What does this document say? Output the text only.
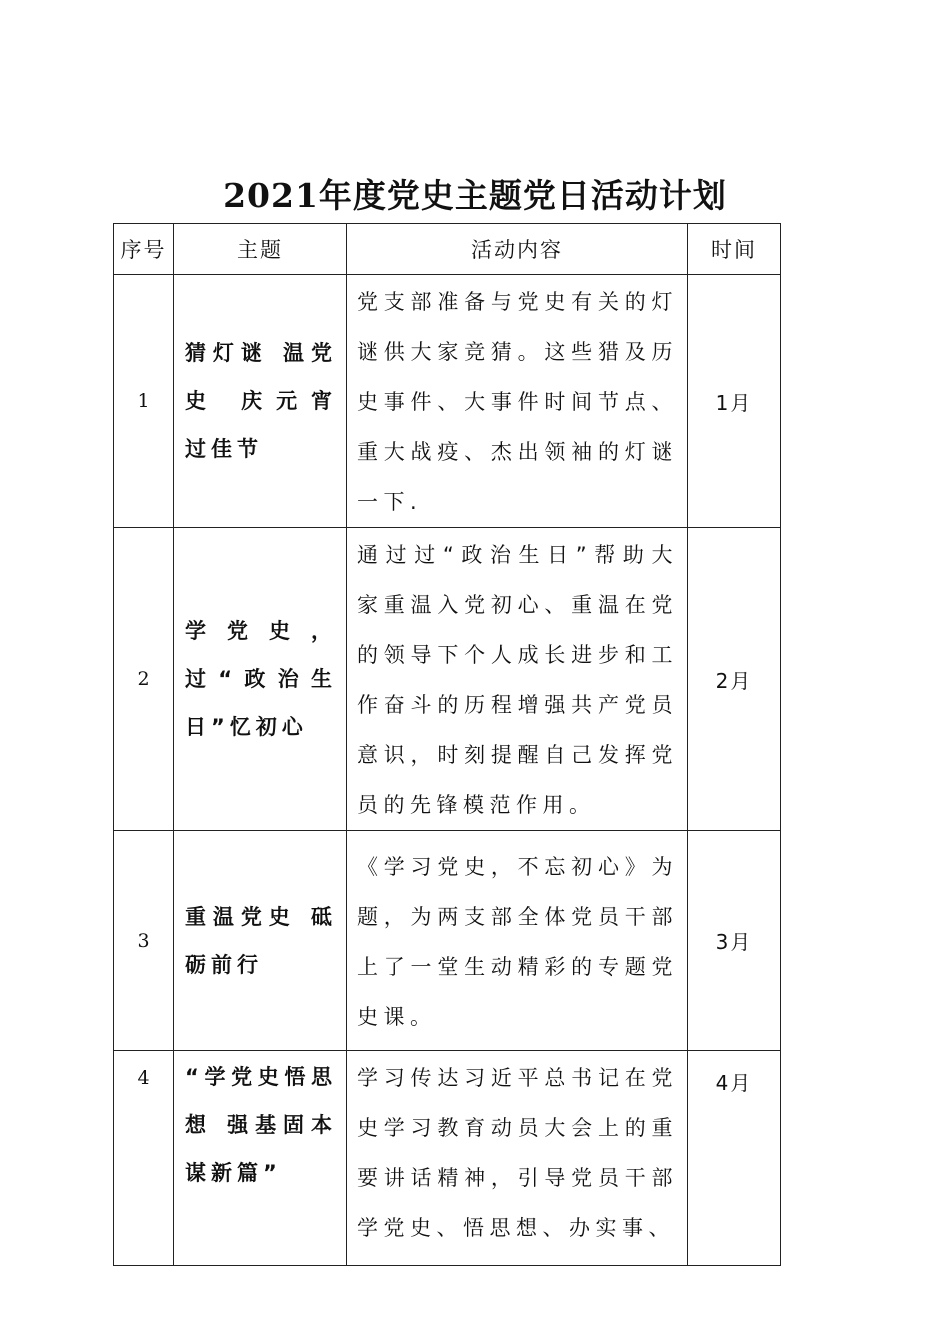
2021年度党史主题党日活动计划
序号	主题	活动内容	时间
1	猜灯谜 温党史 庆元宵 过佳节	党支部准备与党史有关的灯谜供大家竞猜。这些猎及历史事件、大事件时间节点、重大战疫、杰出领袖的灯谜一下.	1月
2	学党史，过“政治生日”忆初心	通过过“政治生日”帮助大家重温入党初心、重温在党的领导下个人成长进步和工作奋斗的历程增强共产党员意识，时刻提醒自己发挥党员的先锋模范作用。	2月
3	重温党史 砥砺前行	《学习党史，不忘初心》为题，为两支部全体党员干部上了一堂生动精彩的专题党史课。	3月
4	“学党史悟思想 强基固本谋新篇”	学习传达习近平总书记在党史学习教育动员大会上的重要讲话精神，引导党员干部学党史、悟思想、办实事、	4月
